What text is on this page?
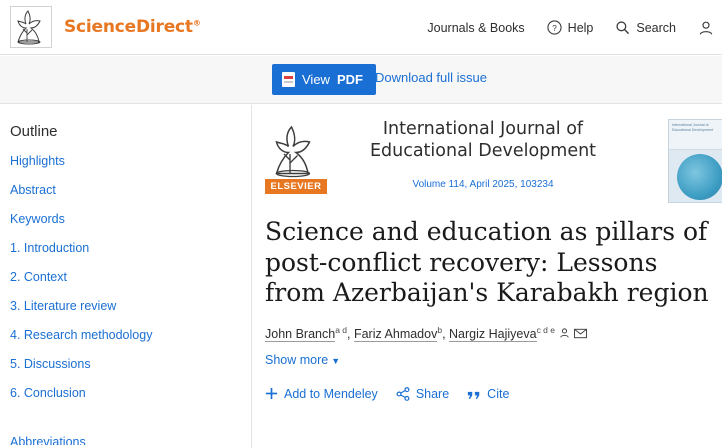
ScienceDirect®	Journals & Books	? Help	Search
View PDF Download full issue
Outline
Highlights
Abstract
Keywords
1. Introduction
2. Context
3. Literature review
4. Research methodology
5. Discussions
6. Conclusion
Abbreviations
ELSEVIER
International Journal of Educational Development
Volume 114, April 2025, 103234
International Journal of Educational Development
Science and education as pillars of post-conflict recovery: Lessons from Azerbaijan's Karabakh region
John Branch$^{a d}$, Fariz Ahmadov$^b$, Nargiz Hajiyeva$^{c d e}$
Show more ▼
Add to Mendeley	Share	Cite
